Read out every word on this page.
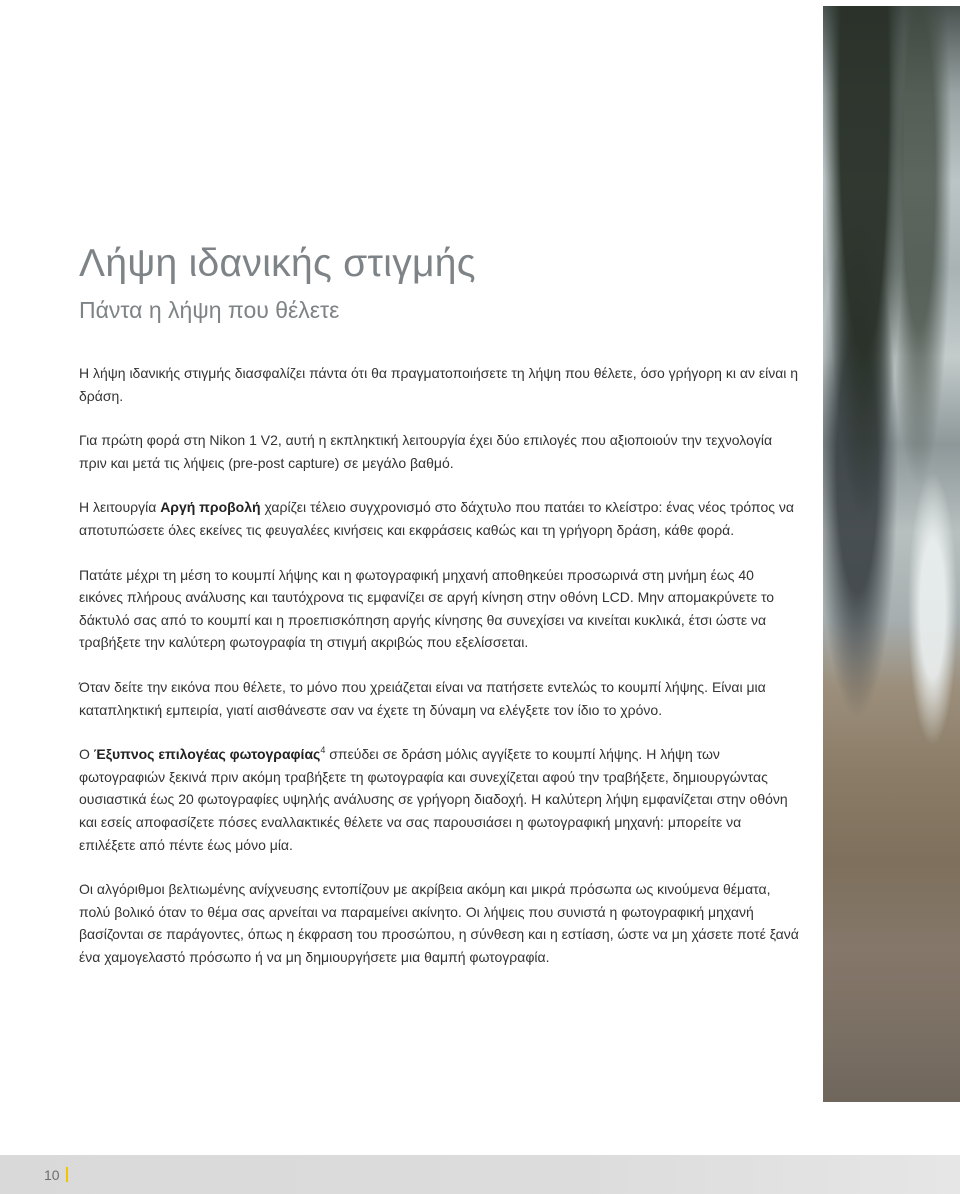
Λήψη ιδανικής στιγμής
Πάντα η λήψη που θέλετε

Η λήψη ιδανικής στιγμής διασφαλίζει πάντα ότι θα πραγματοποιήσετε τη λήψη που θέλετε, όσο γρήγορη κι αν είναι η δράση.

Για πρώτη φορά στη Nikon 1 V2, αυτή η εκπληκτική λειτουργία έχει δύο επιλογές που αξιοποιούν την τεχνολογία πριν και μετά τις λήψεις (pre-post capture) σε μεγάλο βαθμό.

Η λειτουργία Αργή προβολή χαρίζει τέλειο συγχρονισμό στο δάχτυλο που πατάει το κλείστρο: ένας νέος τρόπος να αποτυπώσετε όλες εκείνες τις φευγαλέες κινήσεις και εκφράσεις καθώς και τη γρήγορη δράση, κάθε φορά.

Πατάτε μέχρι τη μέση το κουμπί λήψης και η φωτογραφική μηχανή αποθηκεύει προσωρινά στη μνήμη έως 40 εικόνες πλήρους ανάλυσης και ταυτόχρονα τις εμφανίζει σε αργή κίνηση στην οθόνη LCD. Μην απομακρύνετε το δάκτυλό σας από το κουμπί και η προεπισκόπηση αργής κίνησης θα συνεχίσει να κινείται κυκλικά, έτσι ώστε να τραβήξετε την καλύτερη φωτογραφία τη στιγμή ακριβώς που εξελίσσεται.

Όταν δείτε την εικόνα που θέλετε, το μόνο που χρειάζεται είναι να πατήσετε εντελώς το κουμπί λήψης. Είναι μια καταπληκτική εμπειρία, γιατί αισθάνεστε σαν να έχετε τη δύναμη να ελέγξετε τον ίδιο το χρόνο.

Ο Έξυπνος επιλογέας φωτογραφίας$^4$ σπεύδει σε δράση μόλις αγγίξετε το κουμπί λήψης. Η λήψη των φωτογραφιών ξεκινά πριν ακόμη τραβήξετε τη φωτογραφία και συνεχίζεται αφού την τραβήξετε, δημιουργώντας ουσιαστικά έως 20 φωτογραφίες υψηλής ανάλυσης σε γρήγορη διαδοχή. Η καλύτερη λήψη εμφανίζεται στην οθόνη και εσείς αποφασίζετε πόσες εναλλακτικές θέλετε να σας παρουσιάσει η φωτογραφική μηχανή: μπορείτε να επιλέξετε από πέντε έως μόνο μία.

Οι αλγόριθμοι βελτιωμένης ανίχνευσης εντοπίζουν με ακρίβεια ακόμη και μικρά πρόσωπα ως κινούμενα θέματα, πολύ βολικό όταν το θέμα σας αρνείται να παραμείνει ακίνητο. Οι λήψεις που συνιστά η φωτογραφική μηχανή βασίζονται σε παράγοντες, όπως η έκφραση του προσώπου, η σύνθεση και η εστίαση, ώστε να μη χάσετε ποτέ ξανά ένα χαμογελαστό πρόσωπο ή να μη δημιουργήσετε μια θαμπή φωτογραφία.

10
